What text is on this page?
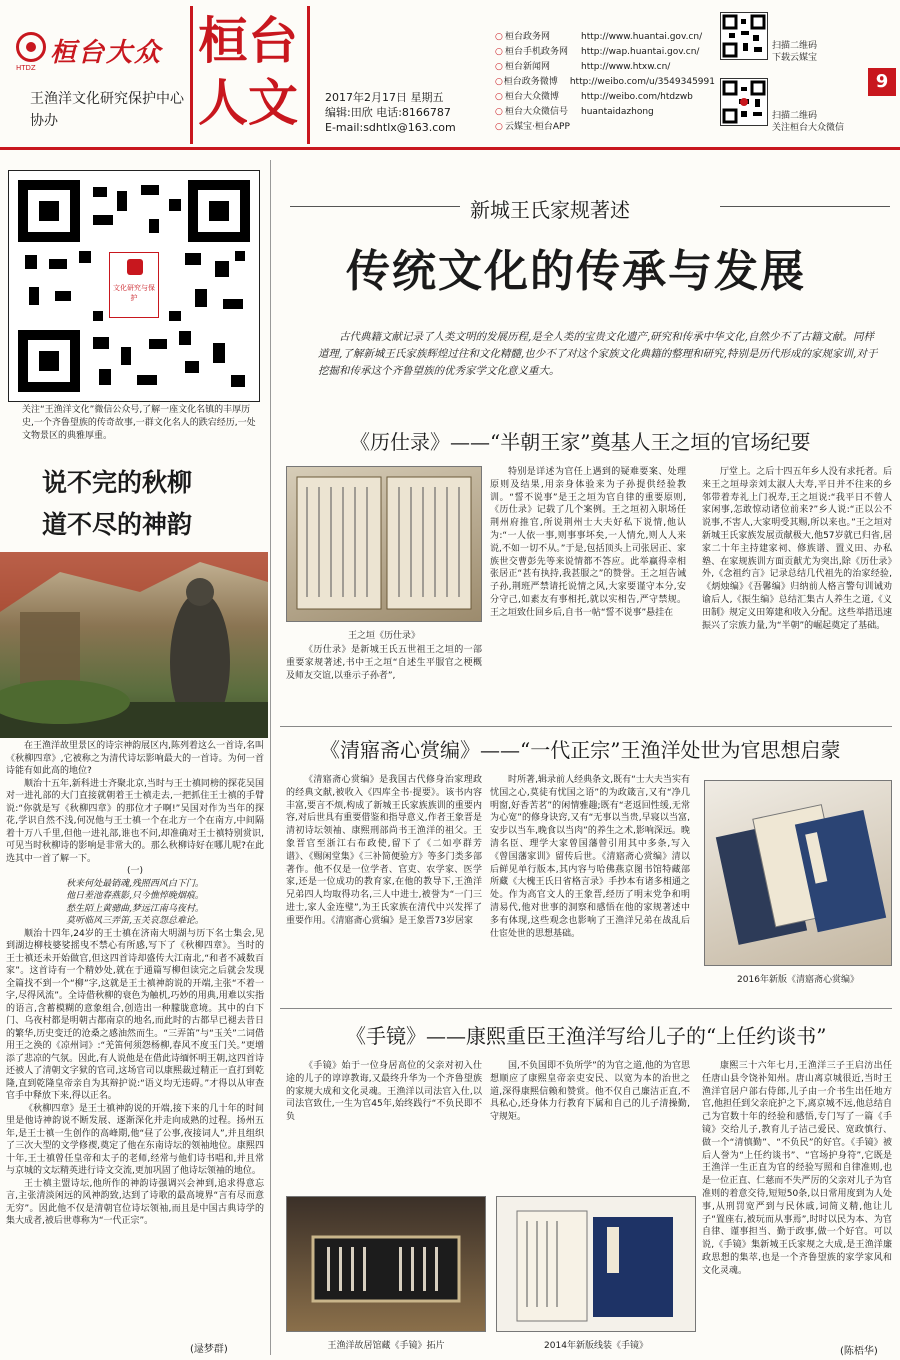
桓台大众
HTDZ
王渔洋文化研究保护中心
协办
桓台
人文 2017年2月17日 星期五
编辑:田欣 电话:8166787
E-mail:sdhtlx@163.com
○ 桓台政务网	http://www.huantai.gov.cn/
○ 桓台手机政务网	http://wap.huantai.gov.cn/
○ 桓台新闻网	http://www.htxw.cn/
○ 桓台政务微博	http://weibo.com/u/3549345991
○ 桓台大众微博	http://weibo.com/htdzwb
○ 桓台大众微信号	huantaidazhong
○ 云媒宝·桓台APP
扫描二维码
下载云媒宝
扫描二维码
关注桓台大众微信
9
文化研究与保护
关注“王渔洋文化”微信公众号,了解一座文化名镇的丰厚历史,一个齐鲁望族的传奇故事,一群文化名人的跌宕经历,一处文物景区的典雅厚重。
说不完的秋柳
道不尽的神韵

在王渔洋故里景区的诗宗神韵展区内,陈列着这么一首诗,名叫《秋柳四章》,它被称之为清代诗坛影响最大的一首诗。为何一首诗能有如此高的地位?

顺治十五年,新科进士齐聚北京,当时与王士禛同榜的探花吴国对一进礼部的大门直接就朝着王士禛走去,一把抓住王士禛的手臂说:“你就是写《秋柳四章》的那位才子啊!”吴国对作为当年的探花,学识自然不浅,何况他与王士禛一个在北方一个在南方,中间隔着十万八千里,但他一进礼部,谁也不问,却准确对王士禛特别赏识,可见当时秋柳诗的影响是非常大的。那么秋柳诗好在哪儿呢?在此选其中一首了解一下。

(一)

秋来何处最销魂,残照西风白下门。

他日差池春燕影,只今憔悴晚烟痕。

愁生陌上黄骢曲,梦远江南乌夜村。

莫听临风三弄笛,玉关哀怨总难论。

顺治十四年,24岁的王士禛在济南大明湖与历下名士集会,见到湖边柳枝婆娑摇曳不禁心有所感,写下了《秋柳四章》。当时的王士禛还未开始做官,但这四首诗却盛传大江南北,“和者不减数百家”。这首诗有一个精妙处,就在于通篇写柳但读完之后就会发现全篇找不到一个“柳”字,这就是王士禛神韵说的开端,主张“不着一字,尽得风流”。全诗借秋柳的衰色为触机,巧妙的用典,用难以实指的语言,含蓄模糊的意象组合,创造出一种朦胧意境。其中的白下门、乌夜村都是明朝古都南京的地名,而此时的古都早已褪去昔日的繁华,历史变迁的沧桑之感油然而生。“三弄笛”与“玉关”二词借用王之涣的《凉州词》:“羌笛何须怨杨柳,春风不度玉门关。”更增添了悲凉的气氛。因此,有人说他是在借此诗缅怀明王朝,这四首诗还被人了清朝文字狱的官司,这场官司以康熙裁过精正一直打到乾隆,直到乾隆皇帝亲自为其辩护说:“语义均无违碍。”才得以从审查官手中释放下来,得以正名。

《秋柳四章》是王士禛神韵说的开端,接下来的几十年的时间里是他诗神韵说不断发展、逐渐深化并走向成熟的过程。扬州五年,是王士禛一生创作的高峰期,他“昼了公事,夜接词人”,并且组织了三次大型的文学修禊,奠定了他在东南诗坛的领袖地位。康熙四十年,王士禛曾任皇帝和太子的老师,经常与他们诗书唱和,并且常与京城的文坛精英进行诗文交流,更加巩固了他诗坛领袖的地位。

王士禛主盟诗坛,他所作的神韵诗强调兴会神到,追求得意忘言,主张清淡闲远的风神韵致,达到了诗歌的最高境界“言有尽而意无穷”。因此他不仅是清朝官位诗坛领袖,而且是中国古典诗学的集大成者,被后世尊称为“一代正宗”。

(逯梦群)
新城王氏家规著述
传统文化的传承与发展
古代典籍文献记录了人类文明的发展历程,是全人类的宝贵文化遗产,研究和传承中华文化,自然少不了古籍文献。同样道理,了解新城王氏家族辉煌过往和文化精髓,也少不了对这个家族文化典籍的整理和研究,特别是历代形成的家规家训,对于挖掘和传承这个齐鲁望族的优秀家学文化意义重大。
《历仕录》——“半朝王家”奠基人王之垣的官场纪要
王之垣《历仕录》

《历仕录》是新城王氏五世祖王之垣的一部重要家规著述,书中王之垣“自述生平服官之梗概及师友交谊,以垂示子孙者”,

特别是详述为官任上遇到的疑难要案、处理原则及结果,用亲身体验来为子孙提供经验教训。“誓不说事”是王之垣为官自律的重要原则,《历仕录》记载了几个案例。王之垣初入职场任荆州府推官,所说荆州士大夫好私下说情,他认为:“一人依一事,则事事坏矣,一人情允,则人人来说,不如一切不从。”于是,包括顶头上司张居正、家族世交曹彭先等来说情都不答应。此举赢得幸相张居正“甚有执持,我甚服之”的赞誉。王之垣告诫子孙,荆班严禁请托说情之风,大家要谨守本分,安分守己,如素友有事相托,就以实相告,严守禁规。王之垣致仕回乡后,自书一帖“誓不说事”悬挂在

厅堂上。之后十四五年乡人没有求托者。后来王之垣母亲刘太淑人大寿,平日并不往来的乡邻带着寿礼上门祝寿,王之垣说:“我平日不曾人家闲事,怎敢惊动诸位前来?”乡人说:“正以公不说事,不害人,大家明受其赐,所以来也。”王之垣对新城王氏家族发展贡献极大,他57岁就已归省,居家二十年主持建家祠、修族谱、置义田、办私塾、在家规族训方面贡献尤为突出,除《历仕录》外,《念祖约言》记录总结几代祖先的治家经验,《炳烛编》《吾馨编》归纳前人格言警句训诫劝谕后人,《振生编》总结汇集古人养生之道,《义田制》规定义田筹建和收入分配。这些举措迅速振兴了宗族力量,为“半朝”的崛起奠定了基础。

《清寤斋心赏编》——“一代正宗”王渔洋处世为官思想启蒙

《清寤斋心赏编》是我国古代修身治家理政的经典文献,被收入《四库全书·提要》。该书内容丰富,要言不烦,构成了新城王氏家族族训的重要内容,对后世具有重要借鉴和指导意义,作者王象晋是清初诗坛领袖、康熙刑部尚书王渔洋的祖父。王象晋官至浙江右布政使,留下了《二如亭群芳谱》、《赐闲堂集》《三补简便验方》等多门类多部著作。他不仅是一位学者、官吏、农学家、医学家,还是一位成功的教育家,在他的教导下,王渔洋兄弟四人均取得功名,三人中进士,被誉为“一门三进士,家人金连璧”,为王氏家族在清代中兴发挥了重要作用。《清寤斋心赏编》是王象晋73岁居家

时所著,辑录前人经典条文,既有“士大夫当实有忧国之心,莫徒有忧国之语”的为政箴言,又有“净几明窗,好香苦茗”的闲情雅趣;既有“老返回性缓,无常为心宽”的修身诀窍,又有“无事以当贵,早寝以当富,安步以当车,晚食以当肉”的养生之术,影响深远。晚清名臣、理学大家曾国藩曾引用其中多条,写入《曾国藩家训》留传后世。《清寤斋心赏编》清以后鲜见单行版本,其内容与哈佛燕京图书馆特藏部所藏《大槐王氏日省格言录》手抄本有诸多相通之处。作为高官文人的王象晋,经历了明末党争和明清易代,他对世事的洞察和感悟在他的家规著述中多有体现,这些观念也影响了王渔洋兄弟在战乱后仕宦处世的思想基础。

2016年新版《清寤斋心赏编》
《手镜》——康熙重臣王渔洋写给儿子的“上任约谈书”

《手镜》始于一位身居高位的父亲对初入仕途的儿子的谆谆教诲,又最终升华为一个齐鲁望族的家规大成和文化灵魂。王渔洋以司法官入仕,以司法官致仕,一生为官45年,始终践行“不负民即不负

国,不负国即不负所学”的为官之道,他的为官思想顺应了康熙皇帝亲吏安民、以宽为本的治世之道,深得康熙信赖和赞赏。他不仅自己廉洁正直,不具私心,还身体力行教育下属和自己的儿子清操勤,守规矩。

王渔洋故居馆藏《手镜》拓片	2014年新版线装《手镜》

康熙三十六年七月,王渔洋三子王启汸出任任唐山县令饶补知州。唐山离京城很近,当时王渔洋官居户部右侍郎,儿子由一介书生出任地方官,他担任到父亲庇护之下,离京城不远,他总结自己为官数十年的经验和感悟,专门写了一篇《手镜》交给儿子,教育儿子洁己爱民、宽政慎行、做一个“清慎勤”、“不负民”的好官。《手镜》被后人誉为“上任约谈书”、“官场护身符”,它既是王渔洋一生正直为官的经验写照和自律准则,也是一位正直、仁慈而不失严厉的父亲对儿子为官准则的着意交待,短短50条,以日常用度到为人处事,从刑罚宽严到与民休戚,词简义精,他让儿子“置座右,被玩而从事焉”,时时以民为本、为官自律、谨事担当、勤于政事,做一个好官。可以说,《手镜》集新城王氏家规之大成,是王渔洋廉政思想的集萃,也是一个齐鲁望族的家学家风和文化灵魂。

(陈梧华)
